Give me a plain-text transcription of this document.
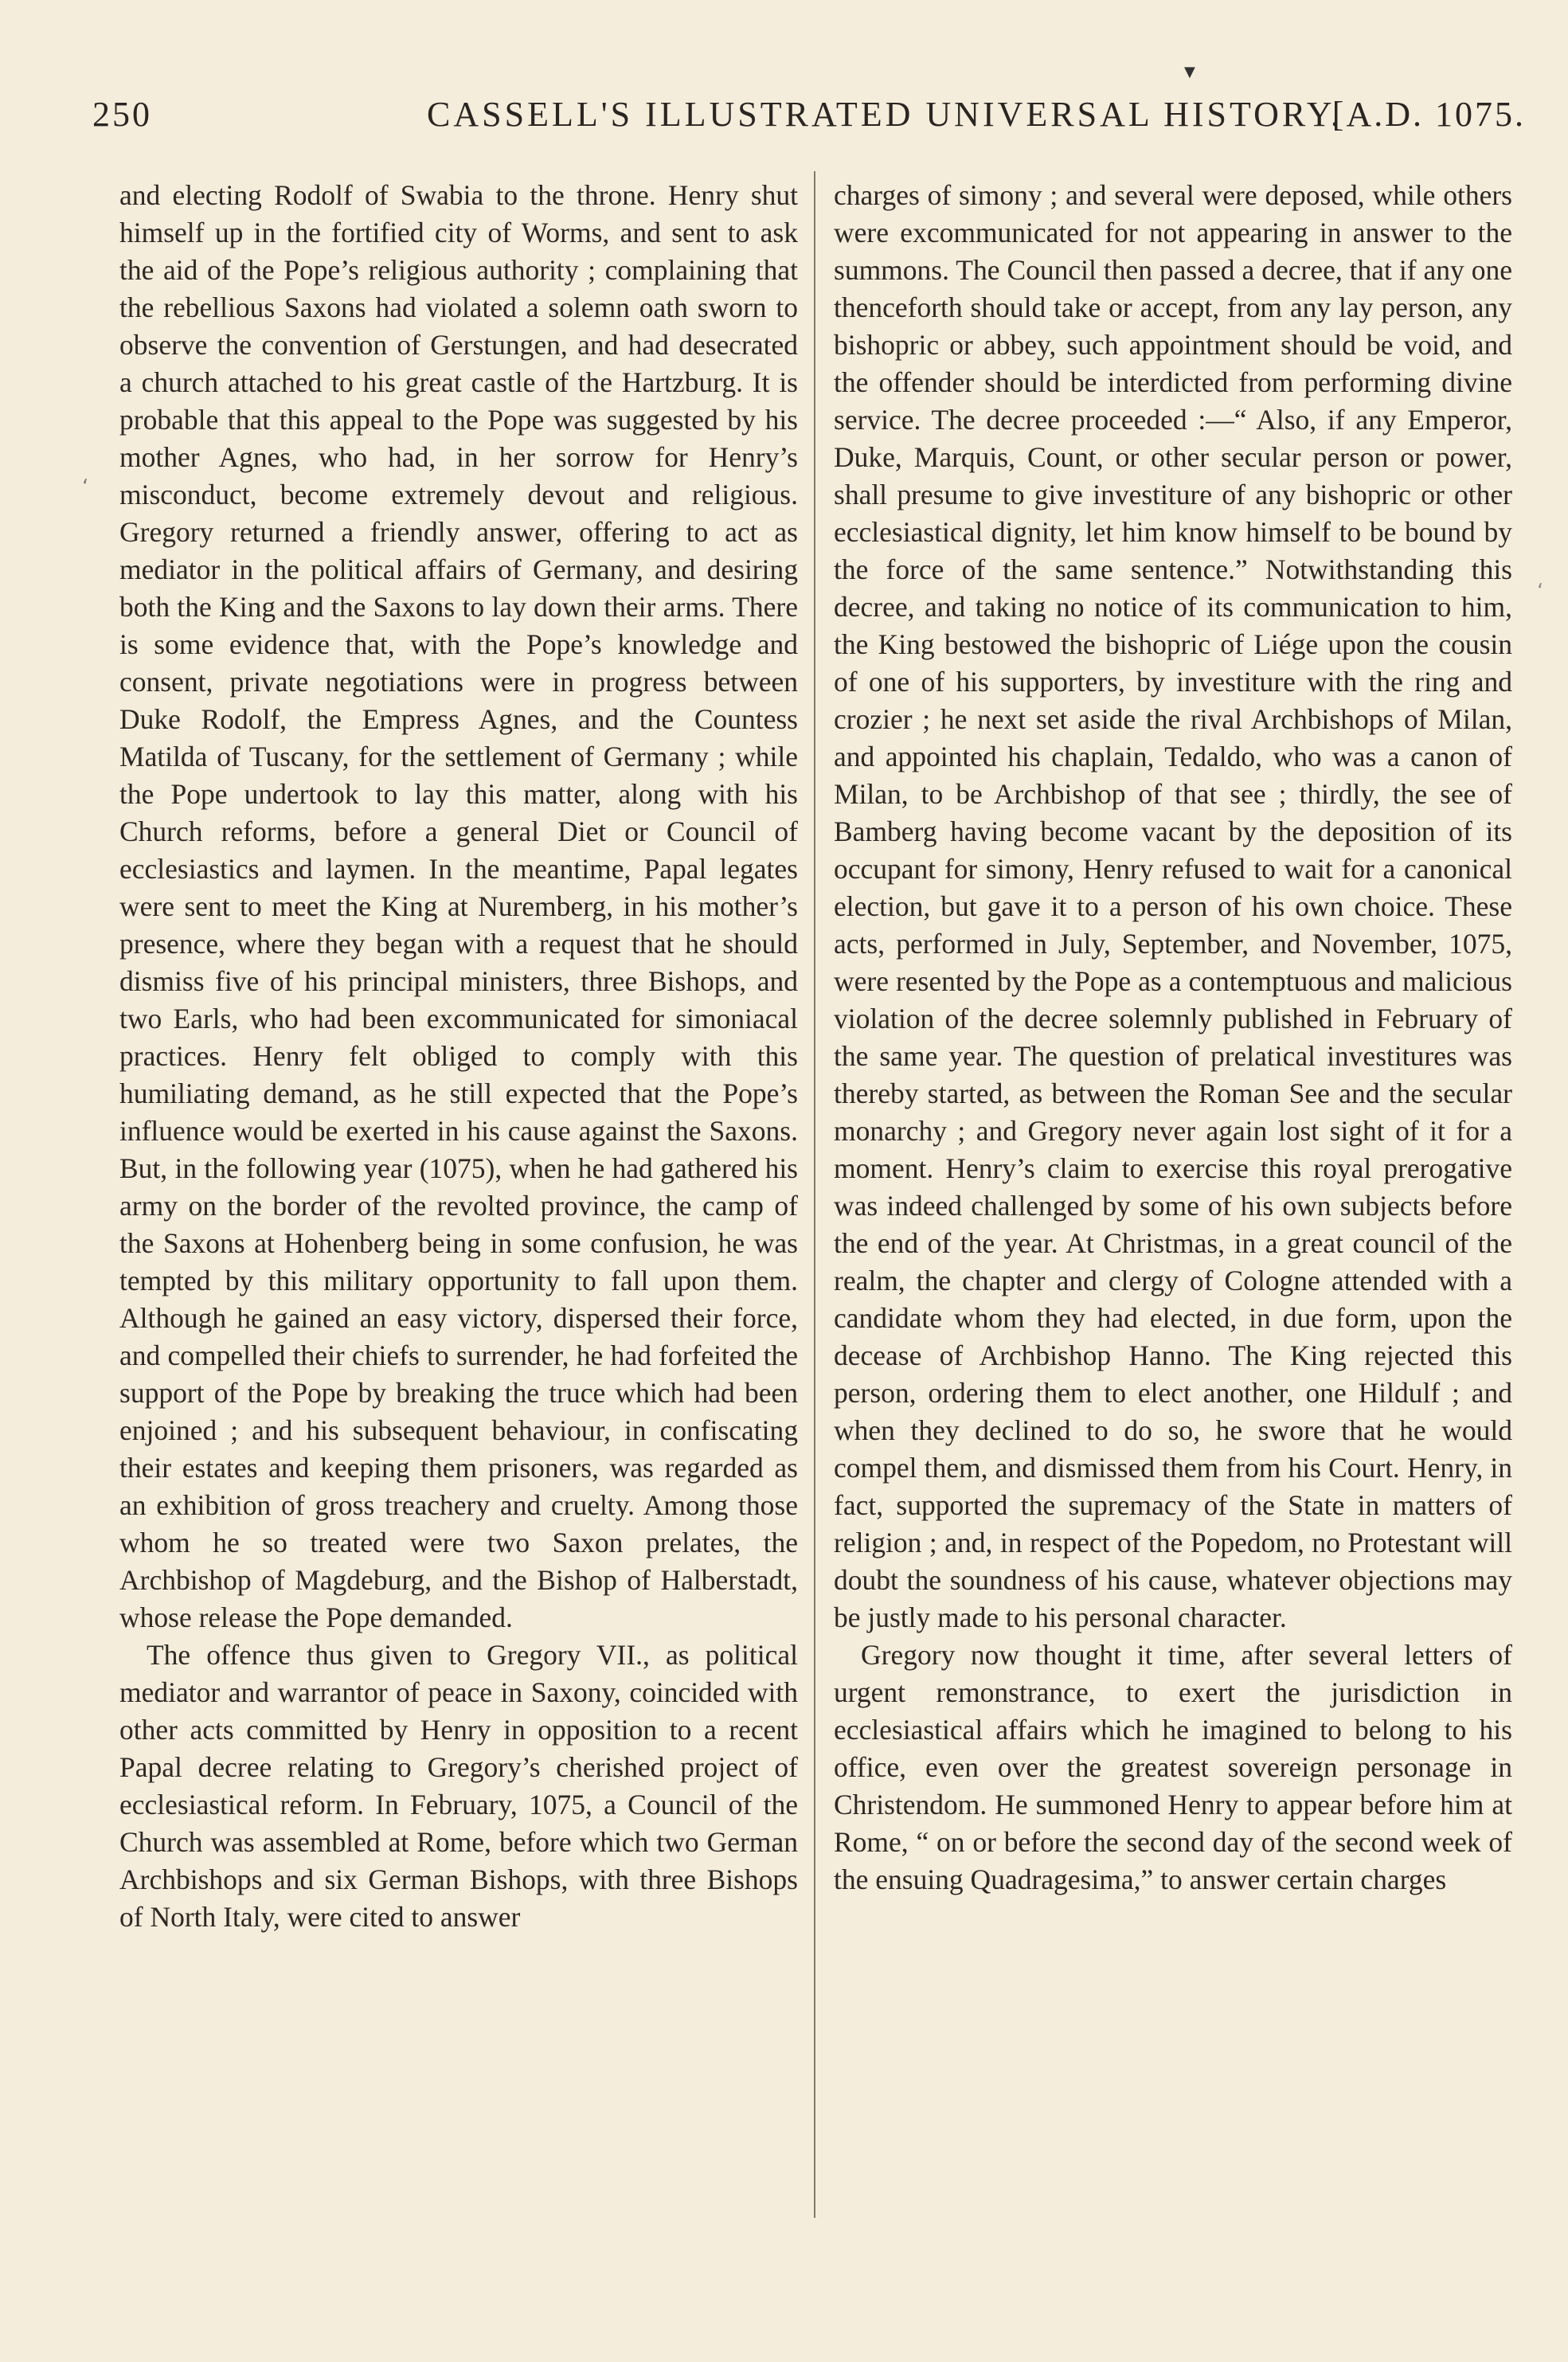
▼
‘
‘
250	CASSELL'S ILLUSTRATED UNIVERSAL HISTORY.
[A.D. 1075.

and electing Rodolf of Swabia to the throne. Henry shut himself up in the fortified city of Worms, and sent to ask the aid of the Pope’s religious authority ; complaining that the rebellious Saxons had violated a solemn oath sworn to observe the convention of Gerstungen, and had desecrated a church attached to his great castle of the Hartzburg. It is probable that this appeal to the Pope was suggested by his mother Agnes, who had, in her sorrow for Henry’s misconduct, become extremely devout and religious. Gregory returned a friendly answer, offering to act as mediator in the political affairs of Germany, and desiring both the King and the Saxons to lay down their arms. There is some evidence that, with the Pope’s knowledge and consent, private negotiations were in progress between Duke Rodolf, the Empress Agnes, and the Countess Matilda of Tuscany, for the settlement of Germany ; while the Pope undertook to lay this matter, along with his Church reforms, before a general Diet or Council of ecclesiastics and laymen. In the meantime, Papal legates were sent to meet the King at Nuremberg, in his mother’s presence, where they began with a request that he should dismiss five of his principal ministers, three Bishops, and two Earls, who had been excommunicated for simoniacal practices. Henry felt obliged to comply with this humiliating demand, as he still expected that the Pope’s influence would be exerted in his cause against the Saxons. But, in the following year (1075), when he had gathered his army on the border of the revolted province, the camp of the Saxons at Hohenberg being in some confusion, he was tempted by this military opportunity to fall upon them. Although he gained an easy victory, dispersed their force, and compelled their chiefs to surrender, he had forfeited the support of the Pope by breaking the truce which had been enjoined ; and his subsequent behaviour, in confiscating their estates and keeping them prisoners, was regarded as an exhibition of gross treachery and cruelty. Among those whom he so treated were two Saxon prelates, the Archbishop of Magdeburg, and the Bishop of Halberstadt, whose release the Pope demanded.

The offence thus given to Gregory VII., as political mediator and warrantor of peace in Saxony, coincided with other acts committed by Henry in opposition to a recent Papal decree relating to Gregory’s cherished project of ecclesiastical reform. In February, 1075, a Council of the Church was assembled at Rome, before which two German Archbishops and six German Bishops, with three Bishops of North Italy, were cited to answer

charges of simony ; and several were deposed, while others were excommunicated for not appearing in answer to the summons. The Council then passed a decree, that if any one thenceforth should take or accept, from any lay person, any bishopric or abbey, such appointment should be void, and the offender should be interdicted from performing divine service. The decree proceeded :—“ Also, if any Emperor, Duke, Marquis, Count, or other secular person or power, shall presume to give investiture of any bishopric or other ecclesiastical dignity, let him know himself to be bound by the force of the same sentence.” Notwithstanding this decree, and taking no notice of its communication to him, the King bestowed the bishopric of Liége upon the cousin of one of his supporters, by investiture with the ring and crozier ; he next set aside the rival Archbishops of Milan, and appointed his chaplain, Tedaldo, who was a canon of Milan, to be Archbishop of that see ; thirdly, the see of Bamberg having become vacant by the deposition of its occupant for simony, Henry refused to wait for a canonical election, but gave it to a person of his own choice. These acts, performed in July, September, and November, 1075, were resented by the Pope as a contemptuous and malicious violation of the decree solemnly published in February of the same year. The question of prelatical investitures was thereby started, as between the Roman See and the secular monarchy ; and Gregory never again lost sight of it for a moment. Henry’s claim to exercise this royal prerogative was indeed challenged by some of his own subjects before the end of the year. At Christmas, in a great council of the realm, the chapter and clergy of Cologne attended with a candidate whom they had elected, in due form, upon the decease of Archbishop Hanno. The King rejected this person, ordering them to elect another, one Hildulf ; and when they declined to do so, he swore that he would compel them, and dismissed them from his Court. Henry, in fact, supported the supremacy of the State in matters of religion ; and, in respect of the Popedom, no Protestant will doubt the soundness of his cause, whatever objections may be justly made to his personal character.

Gregory now thought it time, after several letters of urgent remonstrance, to exert the jurisdiction in ecclesiastical affairs which he imagined to belong to his office, even over the greatest sovereign personage in Christendom. He summoned Henry to appear before him at Rome, “ on or before the second day of the second week of the ensuing Quadragesima,” to answer certain charges
